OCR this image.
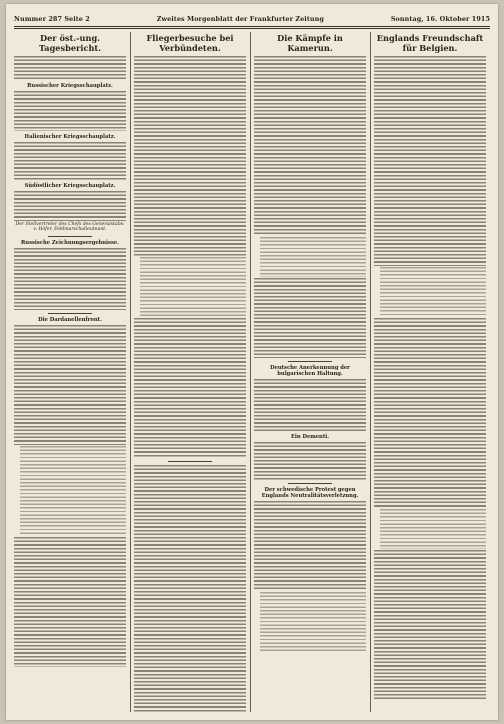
Nummer 287 Seite 2	Zweites Morgenblatt der Frankfurter Zeitung	Sonntag, 16. Oktober 1915
Der öst.-ung. Tagesbericht.
Russischer Kriegsschauplatz.
Italienischer Kriegsschauplatz.
Südöstlicher Kriegsschauplatz.
Der Stellvertreter des Chefs des Generalstabs: v. Höfer, Feldmarschalleutnant.
Russische Zeichnungsergebnisse.
Die Dardanellenfront.
Fliegerbesuche bei Verbündeten.
Die Kämpfe in Kamerun.
Deutsche Anerkennung der bulgarischen Haltung.
Ein Dementi.
Der schwedische Protest gegen Englands Neutralitätsverletzung.
Englands Freundschaft für Belgien.
